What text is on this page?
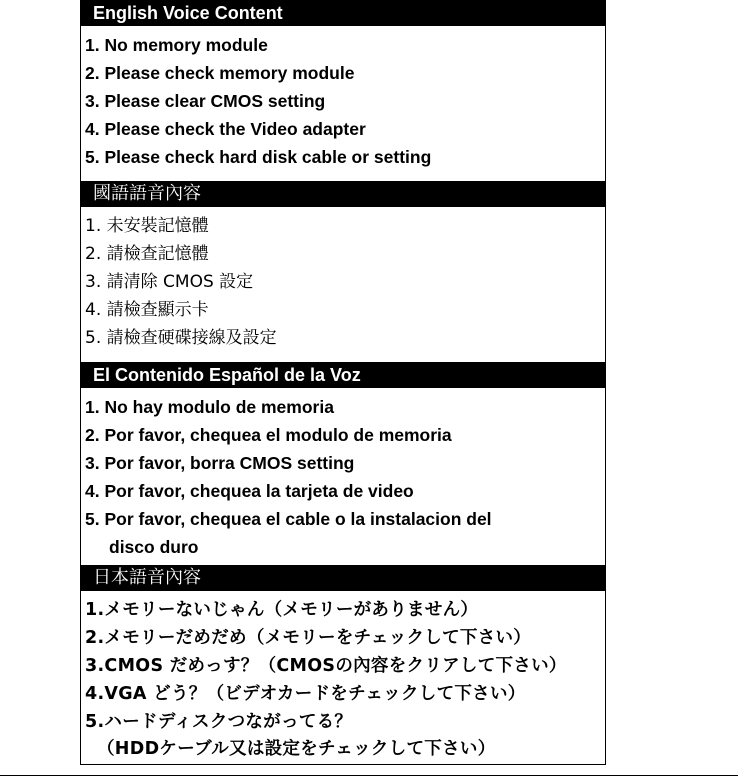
English Voice Content
1. No memory module
2. Please check memory module
3. Please clear CMOS setting
4. Please check the Video adapter
5. Please check hard disk cable or setting
國語語音內容
1. 未安裝記憶體
2. 請檢查記憶體
3. 請清除 CMOS 設定
4. 請檢查顯示卡
5. 請檢查硬碟接線及設定
El Contenido Español de la Voz
1. No hay modulo de memoria
2. Por favor, chequea el modulo de memoria
3. Por favor, borra CMOS setting
4. Por favor, chequea la tarjeta de video
5. Por favor, chequea el cable o la instalacion del
disco duro
日本語音內容
1.メモリーないじゃん（メモリーがありません）
2.メモリーだめだめ（メモリーをチェックして下さい）
3.CMOS だめっす？（CMOSの內容をクリアして下さい）
4.VGA どう？（ビデオカードをチェックして下さい）
5.ハードディスクつながってる？
（HDDケーブル又は設定をチェックして下さい）
